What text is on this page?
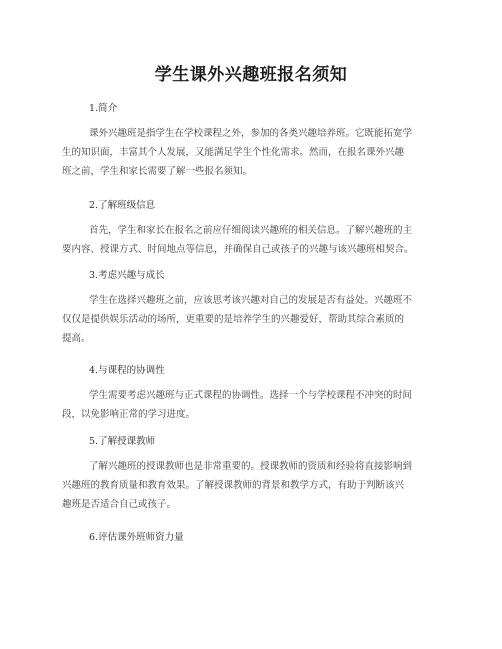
学生课外兴趣班报名须知
1.简介
课外兴趣班是指学生在学校课程之外，参加的各类兴趣培养班。它既能拓宽学
生的知识面，丰富其个人发展，又能满足学生个性化需求。然而，在报名课外兴趣
班之前，学生和家长需要了解一些报名须知。
2.了解班级信息
首先，学生和家长在报名之前应仔细阅读兴趣班的相关信息。了解兴趣班的主
要内容、授课方式、时间地点等信息，并确保自己或孩子的兴趣与该兴趣班相契合。
3.考虑兴趣与成长
学生在选择兴趣班之前，应该思考该兴趣对自己的发展是否有益处。兴趣班不
仅仅是提供娱乐活动的场所，更重要的是培养学生的兴趣爱好，帮助其综合素质的
提高。
4.与课程的协调性
学生需要考虑兴趣班与正式课程的协调性。选择一个与学校课程不冲突的时间
段，以免影响正常的学习进度。
5.了解授课教师
了解兴趣班的授课教师也是非常重要的。授课教师的资质和经验将直接影响到
兴趣班的教育质量和教育效果。了解授课教师的背景和教学方式，有助于判断该兴
趣班是否适合自己或孩子。
6.评估课外班师资力量
